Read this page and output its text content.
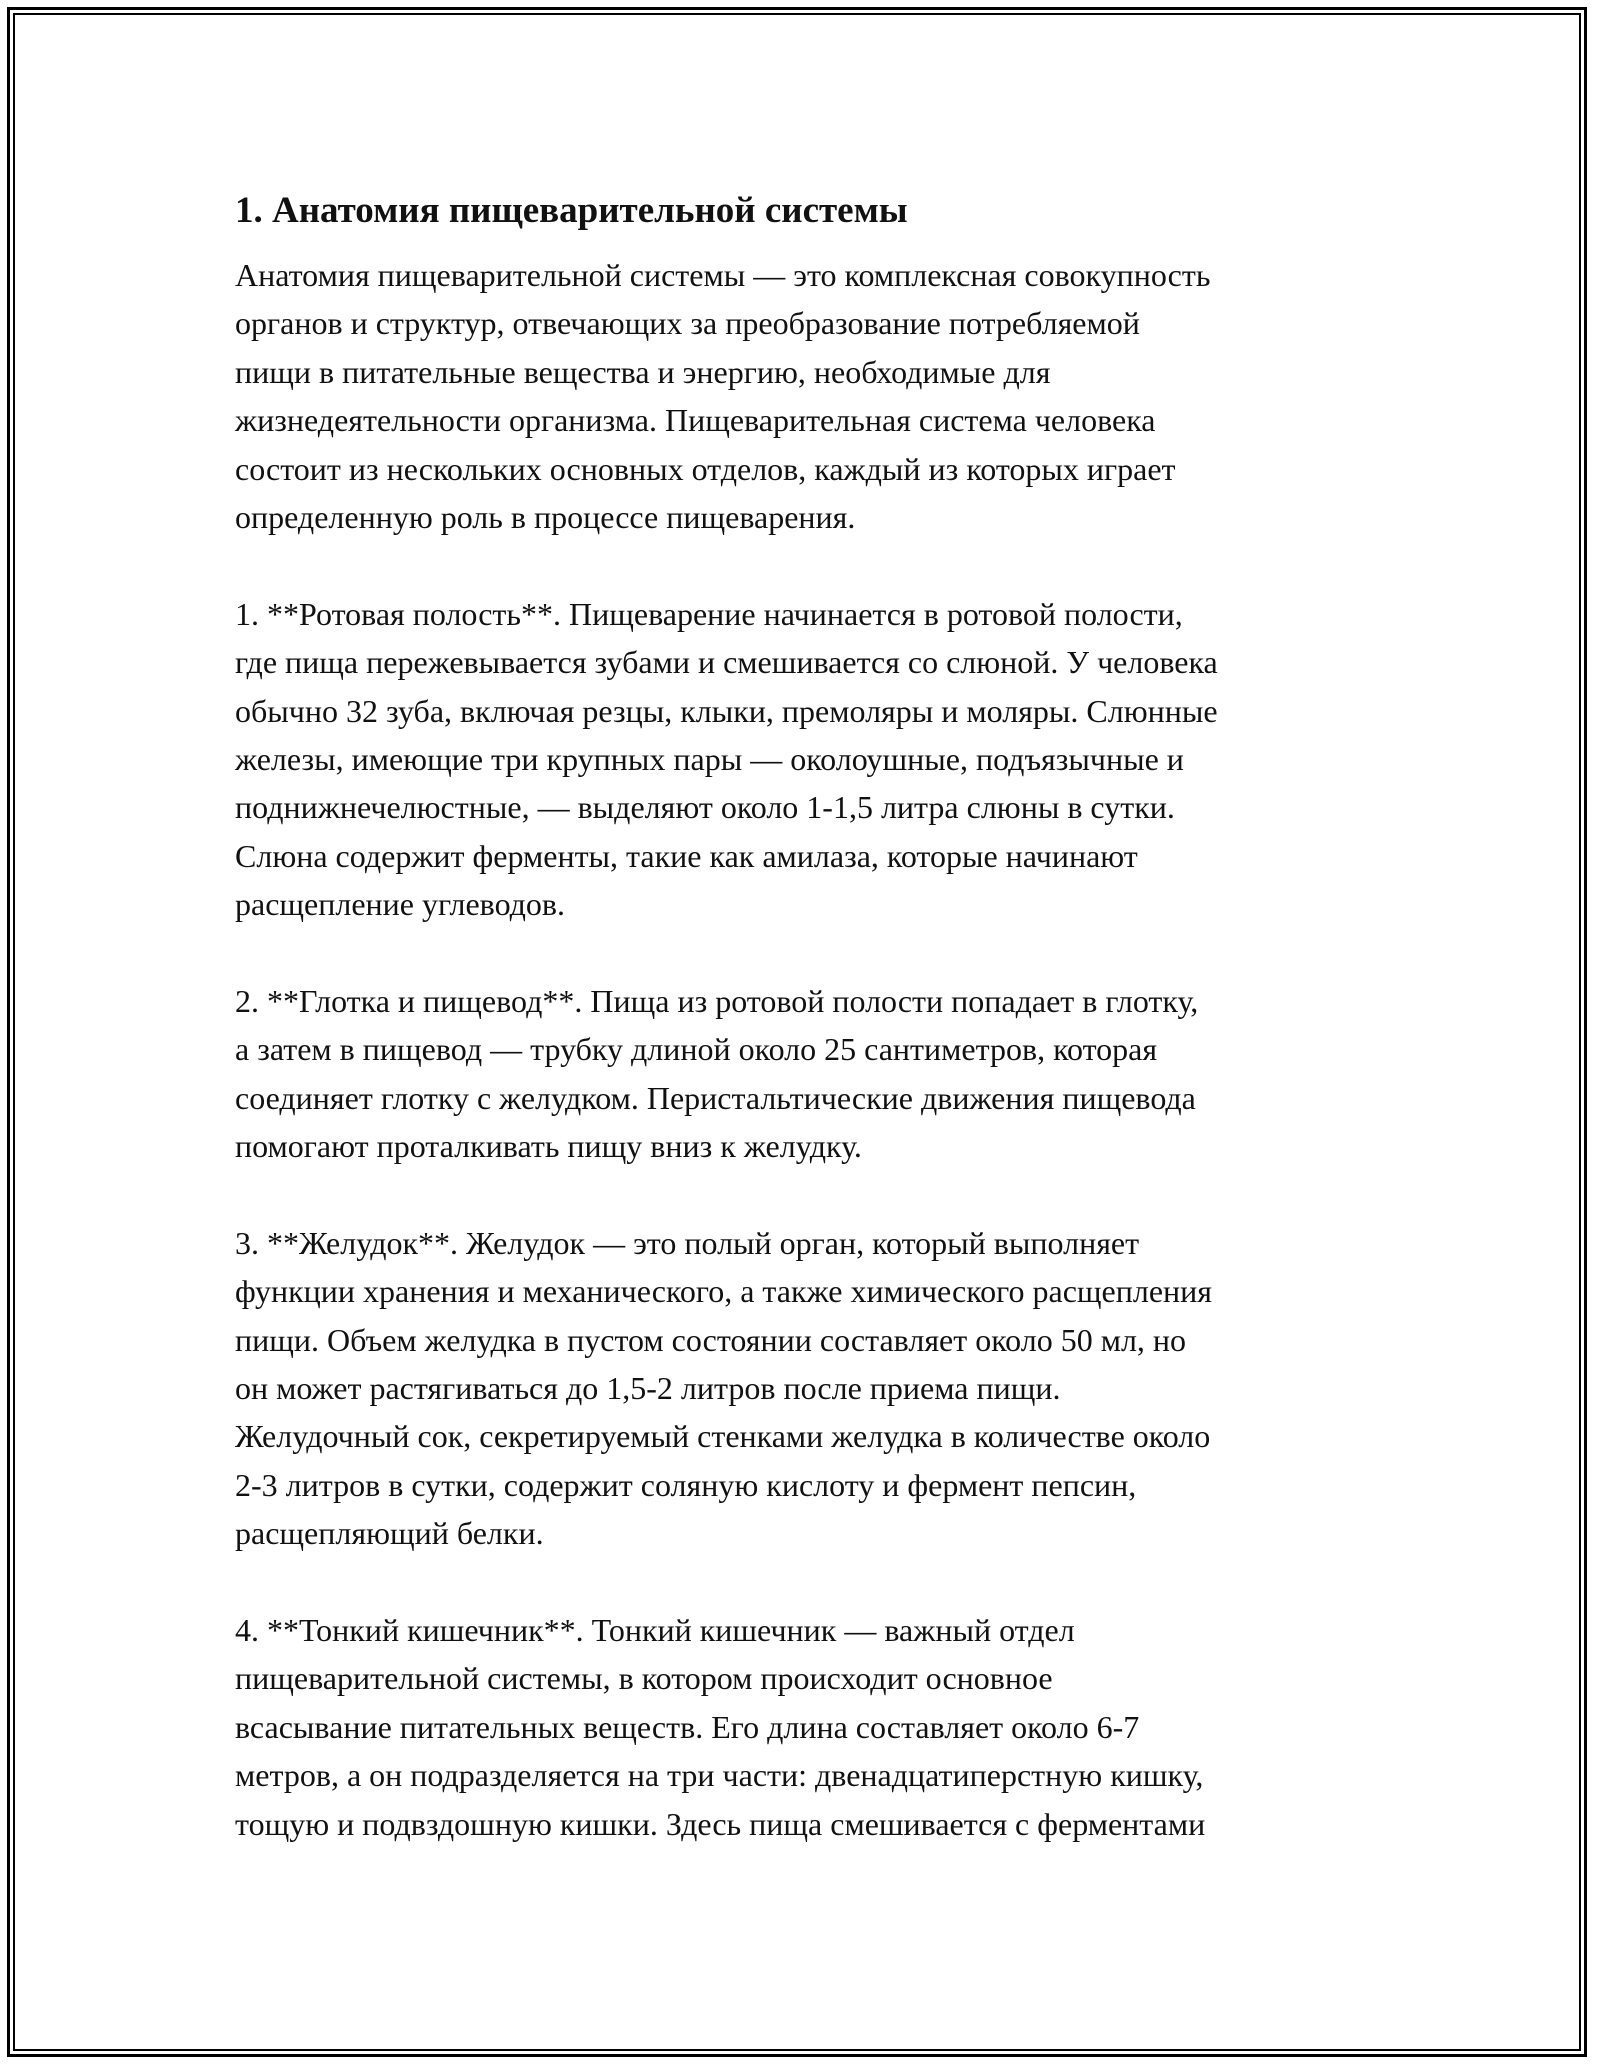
1. Анатомия пищеварительной системы
Анатомия пищеварительной системы — это комплексная совокупность
органов и структур, отвечающих за преобразование потребляемой
пищи в питательные вещества и энергию, необходимые для
жизнедеятельности организма. Пищеварительная система человека
состоит из нескольких основных отделов, каждый из которых играет
определенную роль в процессе пищеварения.
1. **Ротовая полость**. Пищеварение начинается в ротовой полости,
где пища пережевывается зубами и смешивается со слюной. У человека
обычно 32 зуба, включая резцы, клыки, премоляры и моляры. Слюнные
железы, имеющие три крупных пары — околоушные, подъязычные и
поднижнечелюстные, — выделяют около 1-1,5 литра слюны в сутки.
Слюна содержит ферменты, такие как амилаза, которые начинают
расщепление углеводов.
2. **Глотка и пищевод**. Пища из ротовой полости попадает в глотку,
а затем в пищевод — трубку длиной около 25 сантиметров, которая
соединяет глотку с желудком. Перистальтические движения пищевода
помогают проталкивать пищу вниз к желудку.
3. **Желудок**. Желудок — это полый орган, который выполняет
функции хранения и механического, а также химического расщепления
пищи. Объем желудка в пустом состоянии составляет около 50 мл, но
он может растягиваться до 1,5-2 литров после приема пищи.
Желудочный сок, секретируемый стенками желудка в количестве около
2-3 литров в сутки, содержит соляную кислоту и фермент пепсин,
расщепляющий белки.
4. **Тонкий кишечник**. Тонкий кишечник — важный отдел
пищеварительной системы, в котором происходит основное
всасывание питательных веществ. Его длина составляет около 6-7
метров, а он подразделяется на три части: двенадцатиперстную кишку,
тощую и подвздошную кишки. Здесь пища смешивается с ферментами
